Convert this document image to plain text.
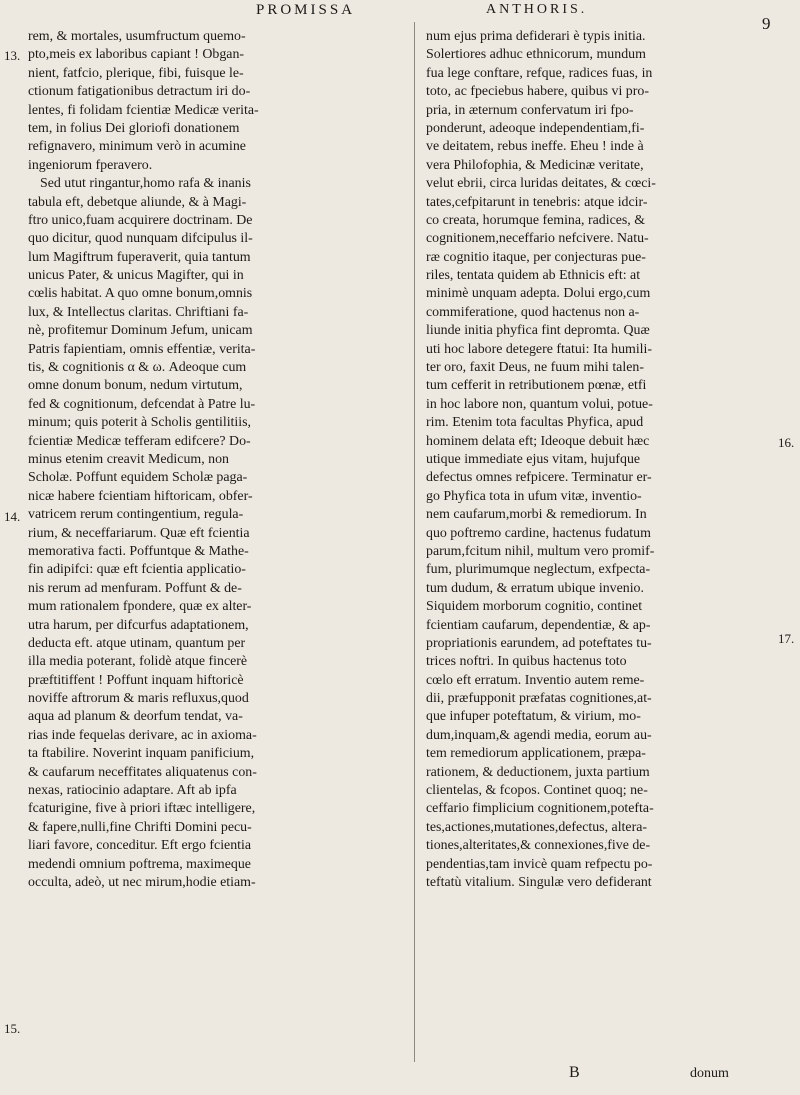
PROMISSA	ANTHORIS.
9
13.
14.
15.
16.
17.
rem, & mortales, usumfructum quemo-
pto,meis ex laboribus capiant ! Obgan-
nient, fatfcio, plerique, fibi, fuisque le-
ctionum fatigationibus detractum iri do-
lentes, fi folidam fcientiæ Medicæ verita-
tem, in folius Dei gloriofi donationem
refignavero, minimum verò in acumine
ingeniorum fperavero.
Sed utut ringantur,homo rafa & inanis
tabula eft, debetque aliunde, & à Magi-
ftro unico,fuam acquirere doctrinam. De
quo dicitur, quod nunquam difcipulus il-
lum Magiftrum fuperaverit, quia tantum
unicus Pater, & unicus Magifter, qui in
cœlis habitat. A quo omne bonum,omnis
lux, & Intellectus claritas. Chriftiani fa-
nè, profitemur Dominum Jefum, unicam
Patris fapientiam, omnis effentiæ, verita-
tis, & cognitionis α & ω. Adeoque cum
omne donum bonum, nedum virtutum,
fed & cognitionum, defcendat à Patre lu-
minum; quis poterit à Scholis gentilitiis,
fcientiæ Medicæ tefferam edifcere? Do-
minus etenim creavit Medicum, non
Scholæ. Poffunt equidem Scholæ paga-
nicæ habere fcientiam hiftoricam, obfer-
vatricem rerum contingentium, regula-
rium, & neceffariarum. Quæ eft fcientia
memorativa facti. Poffuntque & Mathe-
fin adipifci: quæ eft fcientia applicatio-
nis rerum ad menfuram. Poffunt & de-
mum rationalem fpondere, quæ ex alter-
utra harum, per difcurfus adaptationem,
deducta eft. atque utinam, quantum per
illa media poterant, folidè atque fincerè
præftitiffent ! Poffunt inquam hiftoricè
noviffe aftrorum & maris refluxus,quod
aqua ad planum & deorfum tendat, va-
rias inde fequelas derivare, ac in axioma-
ta ftabilire. Noverint inquam panificium,
& caufarum neceffitates aliquatenus con-
nexas, ratiocinio adaptare. Aft ab ipfa
fcaturigine, five à priori iftæc intelligere,
& fapere,nulli,fine Chrifti Domini pecu-
liari favore, conceditur. Eft ergo fcientia
medendi omnium poftrema, maximeque
occulta, adeò, ut nec mirum,hodie etiam-
num ejus prima defiderari è typis initia.
Solertiores adhuc ethnicorum, mundum
fua lege conftare, refque, radices fuas, in
toto, ac fpeciebus habere, quibus vi pro-
pria, in æternum confervatum iri fpo-
ponderunt, adeoque independentiam,fi-
ve deitatem, rebus ineffe. Eheu ! inde à
vera Philofophia, & Medicinæ veritate,
velut ebrii, circa luridas deitates, & cœci-
tates,cefpitarunt in tenebris: atque idcir-
co creata, horumque femina, radices, &
cognitionem,neceffario nefcivere. Natu-
ræ cognitio itaque, per conjecturas pue-
riles, tentata quidem ab Ethnicis eft: at
minimè unquam adepta. Dolui ergo,cum
commiferatione, quod hactenus non a-
liunde initia phyfica fint depromta. Quæ
uti hoc labore detegere ftatui: Ita humili-
ter oro, faxit Deus, ne fuum mihi talen-
tum cefferit in retributionem pœnæ, etfi
in hoc labore non, quantum volui, potue-
rim. Etenim tota facultas Phyfica, apud
hominem delata eft; Ideoque debuit hæc
utique immediate ejus vitam, hujufque
defectus omnes refpicere. Terminatur er-
go Phyfica tota in ufum vitæ, inventio-
nem caufarum,morbi & remediorum. In
quo poftremo cardine, hactenus fudatum
parum,fcitum nihil, multum vero promif-
fum, plurimumque neglectum, exfpecta-
tum dudum, & erratum ubique invenio.
Siquidem morborum cognitio, continet
fcientiam caufarum, dependentiæ, & ap-
propriationis earundem, ad poteftates tu-
trices noftri. In quibus hactenus toto
cœlo eft erratum. Inventio autem reme-
dii, præfupponit præfatas cognitiones,at-
que infuper poteftatum, & virium, mo-
dum,inquam,& agendi media, eorum au-
tem remediorum applicationem, præpa-
rationem, & deductionem, juxta partium
clientelas, & fcopos. Continet quoq; ne-
ceffario fimplicium cognitionem,potefta-
tes,actiones,mutationes,defectus, altera-
tiones,alteritates,& connexiones,five de-
pendentias,tam invicè quam refpectu po-
teftatù vitalium. Singulæ vero defiderant
B	donum
